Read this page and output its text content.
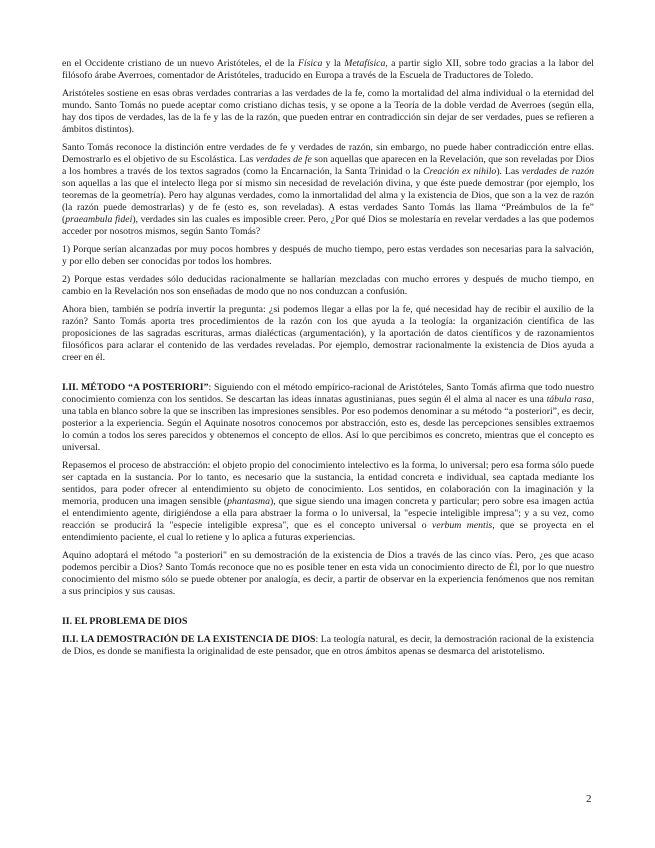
en el Occidente cristiano de un nuevo Aristóteles, el de la Física y la Metafísica, a partir siglo XII, sobre todo gracias a la labor del filósofo árabe Averroes, comentador de Aristóteles, traducido en Europa a través de la Escuela de Traductores de Toledo.

Aristóteles sostiene en esas obras verdades contrarias a las verdades de la fe, como la mortalidad del alma individual o la eternidad del mundo. Santo Tomás no puede aceptar como cristiano dichas tesis, y se opone a la Teoría de la doble verdad de Averroes (según ella, hay dos tipos de verdades, las de la fe y las de la razón, que pueden entrar en contradicción sin dejar de ser verdades, pues se refieren a ámbitos distintos).

Santo Tomás reconoce la distinción entre verdades de fe y verdades de razón, sin embargo, no puede haber contradicción entre ellas. Demostrarlo es el objetivo de su Escolástica. Las verdades de fe son aquellas que aparecen en la Revelación, que son reveladas por Dios a los hombres a través de los textos sagrados (como la Encarnación, la Santa Trinidad o la Creación ex nihilo). Las verdades de razón son aquellas a las que el intelecto llega por sí mismo sin necesidad de revelación divina, y que éste puede demostrar (por ejemplo, los teoremas de la geometría). Pero hay algunas verdades, como la inmortalidad del alma y la existencia de Dios, que son a la vez de razón (la razón puede demostrarlas) y de fe (esto es, son reveladas). A estas verdades Santo Tomás las llama “Preámbulos de la fe” (praeambula fidei), verdades sin las cuales es imposible creer. Pero, ¿Por qué Dios se molestaría en revelar verdades a las que podemos acceder por nosotros mismos, según Santo Tomás?

1) Porque serían alcanzadas por muy pocos hombres y después de mucho tiempo, pero estas verdades son necesarias para la salvación, y por ello deben ser conocidas por todos los hombres.

2) Porque estas verdades sólo deducidas racionalmente se hallarían mezcladas con mucho errores y después de mucho tiempo, en cambio en la Revelación nos son enseñadas de modo que no nos conduzcan a confusión.

Ahora bien, también se podría invertir la pregunta: ¿si podemos llegar a ellas por la fe, qué necesidad hay de recibir el auxilio de la razón? Santo Tomás aporta tres procedimientos de la razón con los que ayuda a la teología: la organización científica de las proposiciones de las sagradas escrituras, armas dialécticas (argumentación), y la aportación de datos científicos y de razonamientos filosóficos para aclarar el contenido de las verdades reveladas. Por ejemplo, demostrar racionalmente la existencia de Dios ayuda a creer en él.

I.II. MÉTODO “A POSTERIORI”: Siguiendo con el método empírico-racional de Aristóteles, Santo Tomás afirma que todo nuestro conocimiento comienza con los sentidos. Se descartan las ideas innatas agustinianas, pues según él el alma al nacer es una tábula rasa, una tabla en blanco sobre la que se inscriben las impresiones sensibles. Por eso podemos denominar a su método “a posteriori”, es decir, posterior a la experiencia. Según el Aquinate nosotros conocemos por abstracción, esto es, desde las percepciones sensibles extraemos lo común a todos los seres parecidos y obtenemos el concepto de ellos. Así lo que percibimos es concreto, mientras que el concepto es universal.

Repasemos el proceso de abstracción: el objeto propio del conocimiento intelectivo es la forma, lo universal; pero esa forma sólo puede ser captada en la sustancia. Por lo tanto, es necesario que la sustancia, la entidad concreta e individual, sea captada mediante los sentidos, para poder ofrecer al entendimiento su objeto de conocimiento. Los sentidos, en colaboración con la imaginación y la memoria, producen una imagen sensible (phantasma), que sigue siendo una imagen concreta y particular; pero sobre esa imagen actúa el entendimiento agente, dirigiéndose a ella para abstraer la forma o lo universal, la "especie inteligible impresa"; y a su vez, como reacción se producirá la "especie inteligible expresa", que es el concepto universal o verbum mentis, que se proyecta en el entendimiento paciente, el cual lo retiene y lo aplica a futuras experiencias.

Aquino adoptará el método "a posteriori" en su demostración de la existencia de Dios a través de las cinco vías. Pero, ¿es que acaso podemos percibir a Dios? Santo Tomás reconoce que no es posible tener en esta vida un conocimiento directo de Él, por lo que nuestro conocimiento del mismo sólo se puede obtener por analogía, es decir, a partir de observar en la experiencia fenómenos que nos remitan a sus principios y sus causas.

II. EL PROBLEMA DE DIOS

II.I. LA DEMOSTRACIÓN DE LA EXISTENCIA DE DIOS: La teología natural, es decir, la demostración racional de la existencia de Dios, es donde se manifiesta la originalidad de este pensador, que en otros ámbitos apenas se desmarca del aristotelismo.

2
